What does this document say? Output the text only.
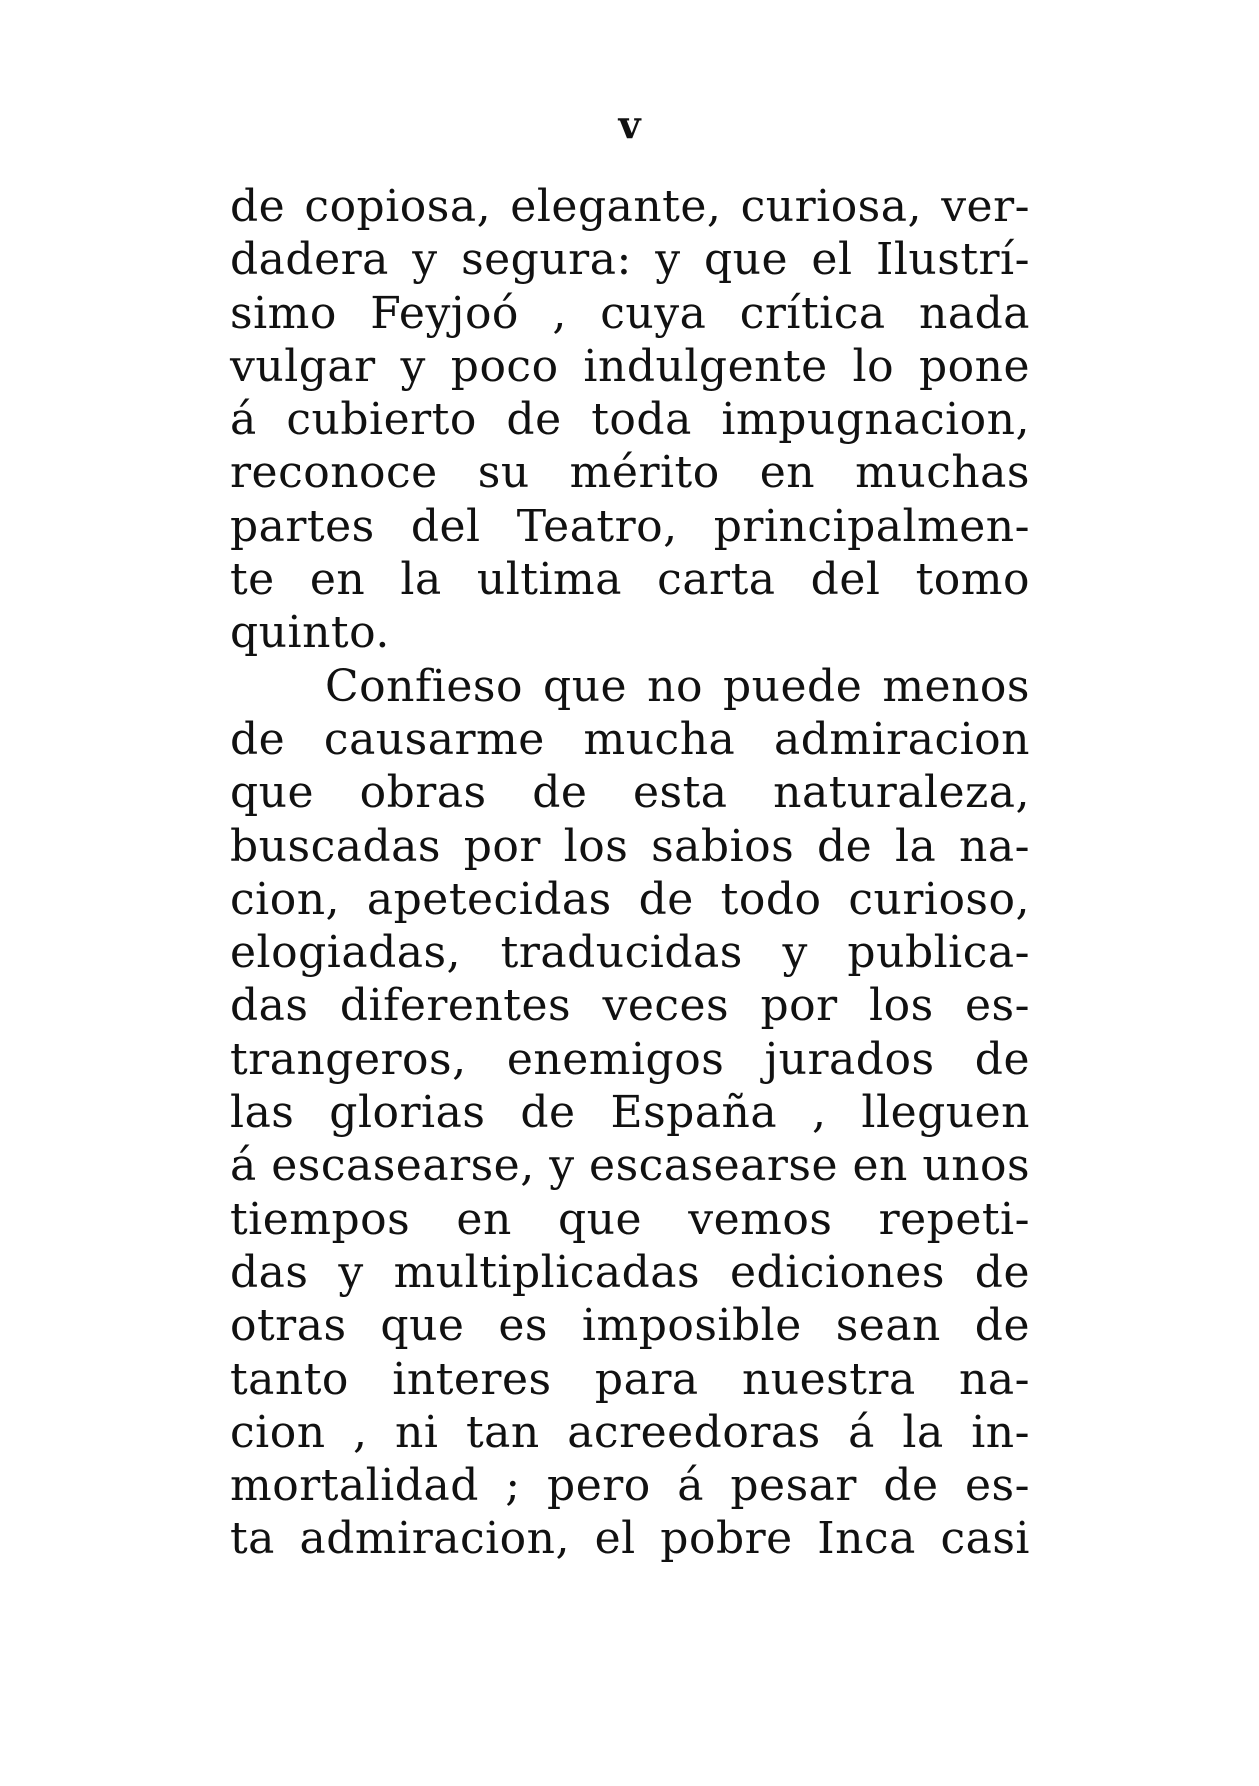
v
de copiosa, elegante, curiosa, ver-
dadera y segura: y que el Ilustrí-
simo Feyjoó , cuya crítica nada
vulgar y poco indulgente lo pone
á cubierto de toda impugnacion,
reconoce su mérito en muchas
partes del Teatro, principalmen-
te en la ultima carta del tomo
quinto.
Confieso que no puede menos
de causarme mucha admiracion
que obras de esta naturaleza,
buscadas por los sabios de la na-
cion, apetecidas de todo curioso,
elogiadas, traducidas y publica-
das diferentes veces por los es-
trangeros, enemigos jurados de
las glorias de España , lleguen
á escasearse, y escasearse en unos
tiempos en que vemos repeti-
das y multiplicadas ediciones de
otras que es imposible sean de
tanto interes para nuestra na-
cion , ni tan acreedoras á la in-
mortalidad ; pero á pesar de es-
ta admiracion, el pobre Inca casi
